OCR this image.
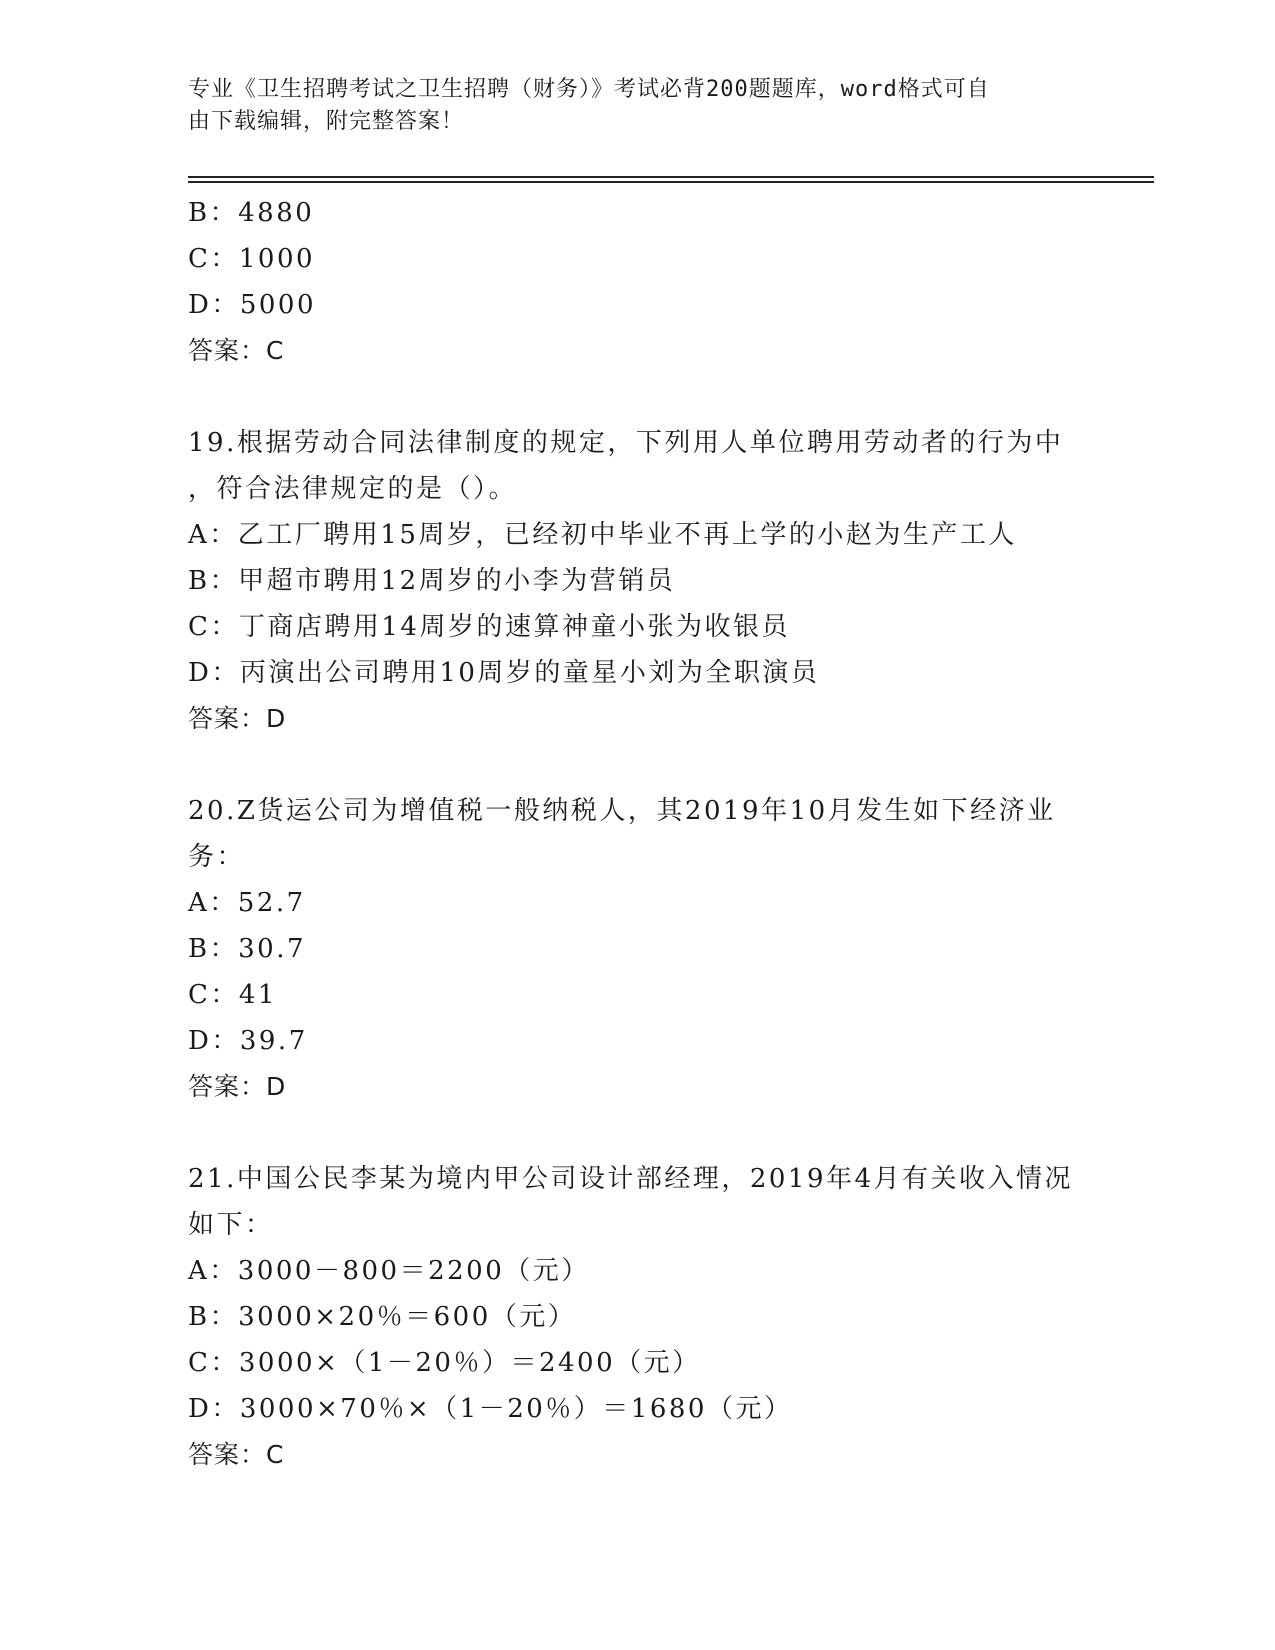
专业《卫生招聘考试之卫生招聘（财务）》考试必背200题题库，word格式可自
由下载编辑，附完整答案！
B：4880
C：1000
D：5000
答案：C
19.根据劳动合同法律制度的规定，下列用人单位聘用劳动者的行为中
，符合法律规定的是（）。
A：乙工厂聘用15周岁，已经初中毕业不再上学的小赵为生产工人
B：甲超市聘用12周岁的小李为营销员
C：丁商店聘用14周岁的速算神童小张为收银员
D：丙演出公司聘用10周岁的童星小刘为全职演员
答案：D
20.Z货运公司为增值税一般纳税人，其2019年10月发生如下经济业
务：
A：52.7
B：30.7
C：41
D：39.7
答案：D
21.中国公民李某为境内甲公司设计部经理，2019年4月有关收入情况
如下：
A：3000－800＝2200（元）
B：3000×20％＝600（元）
C：3000×（1－20％）＝2400（元）
D：3000×70％×（1－20％）＝1680（元）
答案：C
